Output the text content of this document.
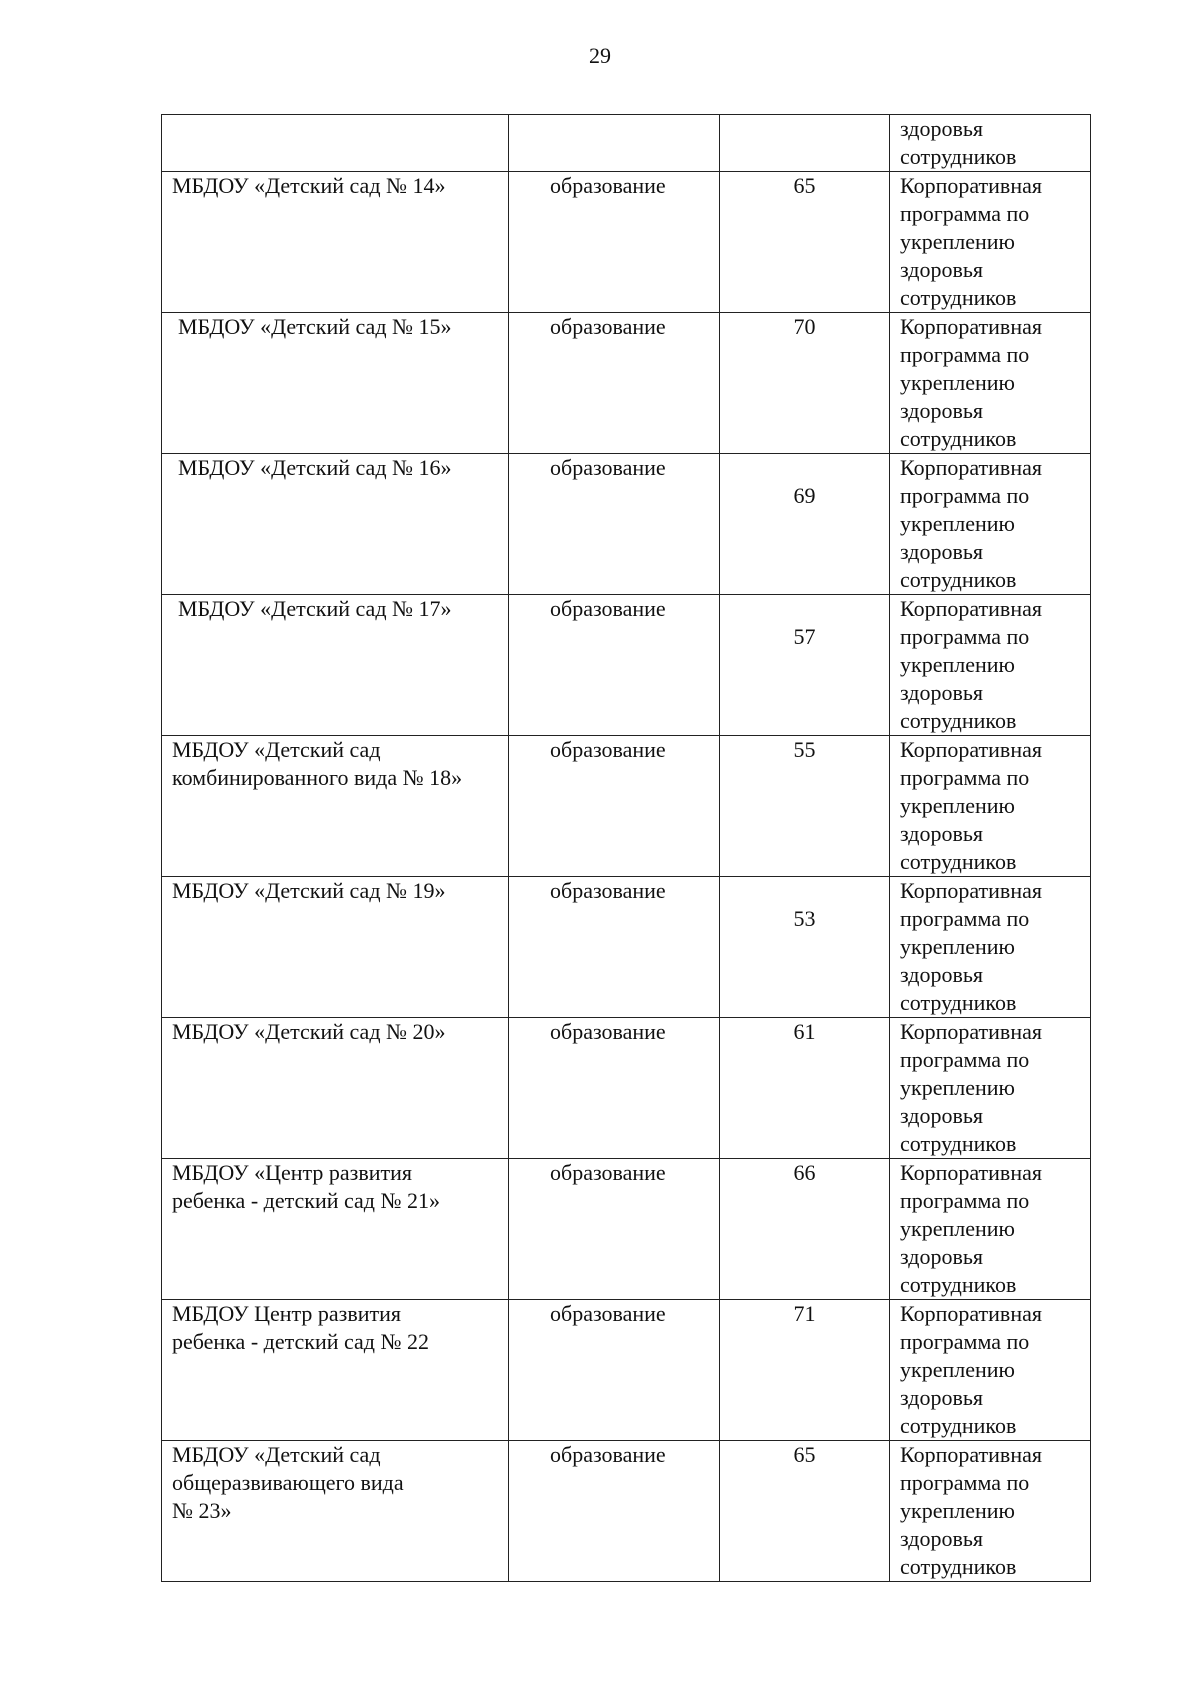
29

			здоровья
сотрудников

МБДОУ «Детский сад № 14»	образование	65	Корпоративная
программа по
укреплению
здоровья
сотрудников

МБДОУ «Детский сад № 15»	образование	70	Корпоративная
программа по
укреплению
здоровья
сотрудников

МБДОУ «Детский сад № 16»	образование	69	Корпоративная
программа по
укреплению
здоровья
сотрудников

МБДОУ «Детский сад № 17»	образование	57	Корпоративная
программа по
укреплению
здоровья
сотрудников

МБДОУ «Детский сад
комбинированного вида № 18»	образование	55	Корпоративная
программа по
укреплению
здоровья
сотрудников

МБДОУ «Детский сад № 19»	образование	53	Корпоративная
программа по
укреплению
здоровья
сотрудников

МБДОУ «Детский сад № 20»	образование	61	Корпоративная
программа по
укреплению
здоровья
сотрудников

МБДОУ «Центр развития
ребенка - детский сад № 21»	образование	66	Корпоративная
программа по
укреплению
здоровья
сотрудников

МБДОУ Центр развития
ребенка - детский сад № 22	образование	71	Корпоративная
программа по
укреплению
здоровья
сотрудников

МБДОУ «Детский сад
общеразвивающего вида
№ 23»	образование	65	Корпоративная
программа по
укреплению
здоровья
сотрудников
